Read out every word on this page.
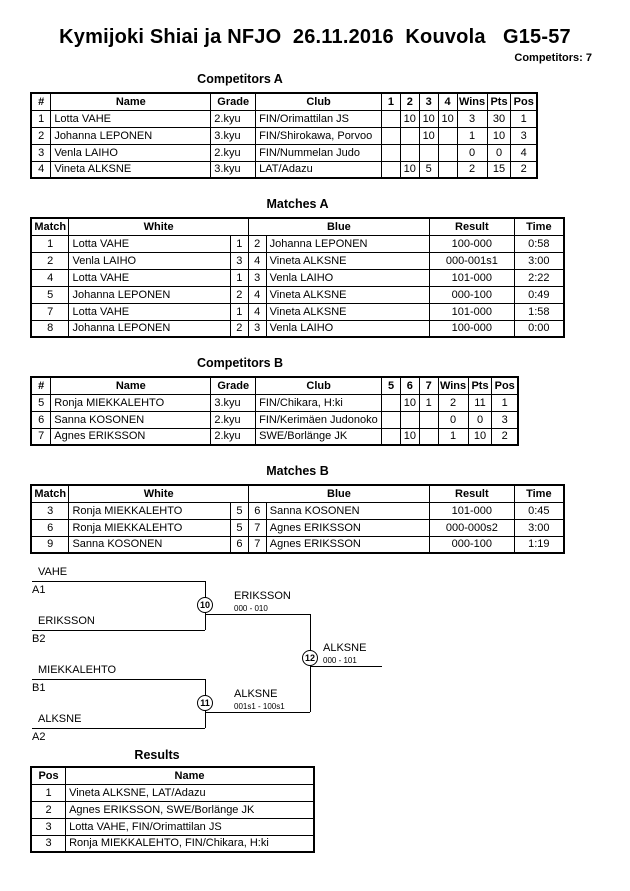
Kymijoki Shiai ja NFJO  26.11.2016  Kouvola   G15-57
Competitors: 7
Competitors A
#	Name	Grade	Club	1	2	3	4	Wins	Pts	Pos
1	Lotta VAHE	2.kyu	FIN/Orimattilan JS		10	10	10	3	30	1
2	Johanna LEPONEN	3.kyu	FIN/Shirokawa, Porvoo			10		1	10	3
3	Venla LAIHO	2.kyu	FIN/Nummelan Judo					0	0	4
4	Vineta ALKSNE	3.kyu	LAT/Adazu		10	5		2	15	2
Matches A
Match	White		Blue		Result	Time
1	Lotta VAHE	1	2	Johanna LEPONEN	100-000	0:58
2	Venla LAIHO	3	4	Vineta ALKSNE	000-001s1	3:00
4	Lotta VAHE	1	3	Venla LAIHO	101-000	2:22
5	Johanna LEPONEN	2	4	Vineta ALKSNE	000-100	0:49
7	Lotta VAHE	1	4	Vineta ALKSNE	101-000	1:58
8	Johanna LEPONEN	2	3	Venla LAIHO	100-000	0:00
Competitors B
#	Name	Grade	Club	5	6	7	Wins	Pts	Pos
5	Ronja MIEKKALEHTO	3.kyu	FIN/Chikara, H:ki		10	1	2	11	1
6	Sanna KOSONEN	2.kyu	FIN/Kerimäen Judonoko				0	0	3
7	Agnes ERIKSSON	2.kyu	SWE/Borlänge JK		10		1	10	2
Matches B
Match	White		Blue		Result	Time
3	Ronja MIEKKALEHTO	5	6	Sanna KOSONEN	101-000	0:45
6	Ronja MIEKKALEHTO	5	7	Agnes ERIKSSON	000-000s2	3:00
9	Sanna KOSONEN	6	7	Agnes ERIKSSON	000-100	1:19
VAHE
A1
ERIKSSON
B2
ERIKSSON
000 - 010
10
MIEKKALEHTO
B1
ALKSNE
A2
ALKSNE
001s1 - 100s1
11
ALKSNE
000 - 101
12
Results
Pos	Name
1	Vineta ALKSNE, LAT/Adazu
2	Agnes ERIKSSON, SWE/Borlänge JK
3	Lotta VAHE, FIN/Orimattilan JS
3	Ronja MIEKKALEHTO, FIN/Chikara, H:ki
